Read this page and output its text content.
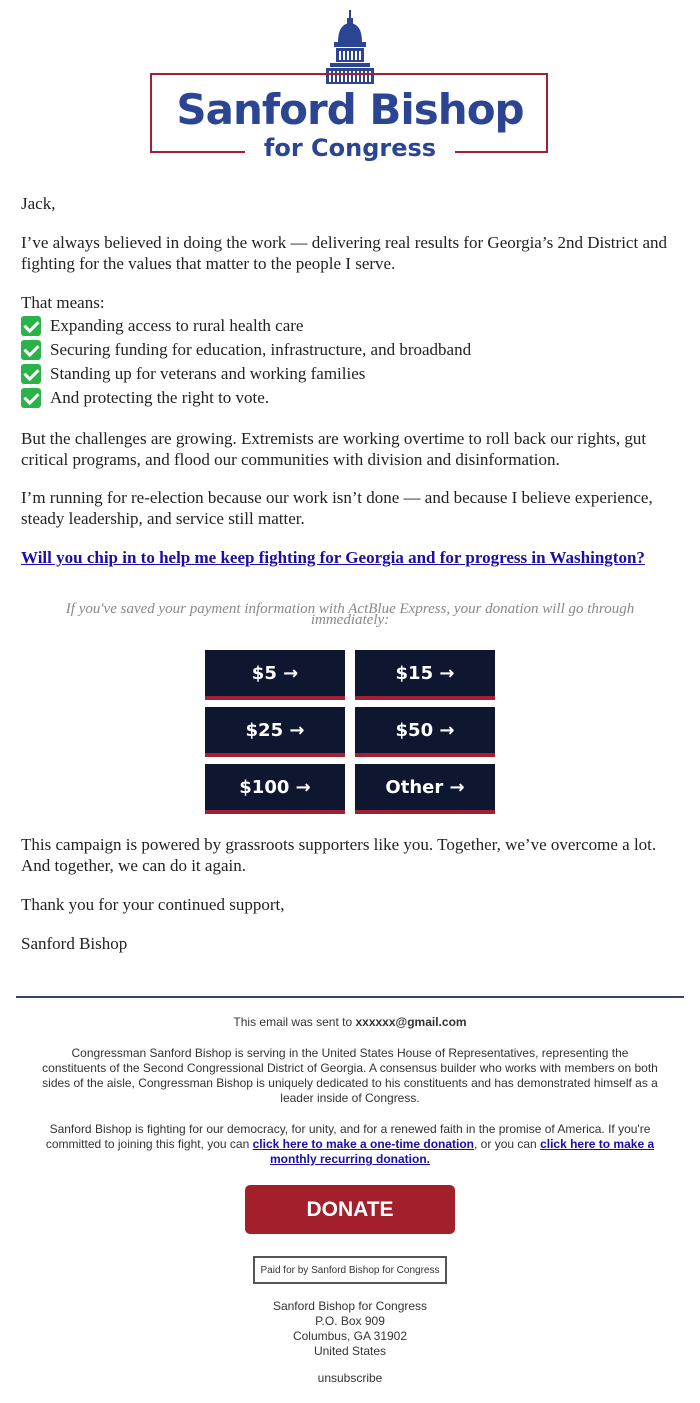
Sanford Bishop
for Congress

Jack,

I’ve always believed in doing the work — delivering real results for Georgia’s 2nd District and fighting for the values that matter to the people I serve.

That means:

Expanding access to rural health care
Securing funding for education, infrastructure, and broadband
Standing up for veterans and working families
And protecting the right to vote.

But the challenges are growing. Extremists are working overtime to roll back our rights, gut critical programs, and flood our communities with division and disinformation.

I’m running for re-election because our work isn’t done — and because I believe experience, steady leadership, and service still matter.

Will you chip in to help me keep fighting for Georgia and for progress in Washington?
If you've saved your payment information with ActBlue Express, your donation will go through immediately:
$5 →	$15 →
$25 →	$50 →
$100 →	Other →

This campaign is powered by grassroots supporters like you. Together, we’ve overcome a lot. And together, we can do it again.

Thank you for your continued support,

Sanford Bishop

This email was sent to xxxxxx@gmail.com
Congressman Sanford Bishop is serving in the United States House of Representatives, representing the constituents of the Second Congressional District of Georgia. A consensus builder who works with members on both sides of the aisle, Congressman Bishop is uniquely dedicated to his constituents and has demonstrated himself as a leader inside of Congress.
Sanford Bishop is fighting for our democracy, for unity, and for a renewed faith in the promise of America. If you're committed to joining this fight, you can click here to make a one-time donation, or you can click here to make a monthly recurring donation.
DONATE
Paid for by Sanford Bishop for Congress
Sanford Bishop for Congress
P.O. Box 909
Columbus, GA 31902
United States
unsubscribe
